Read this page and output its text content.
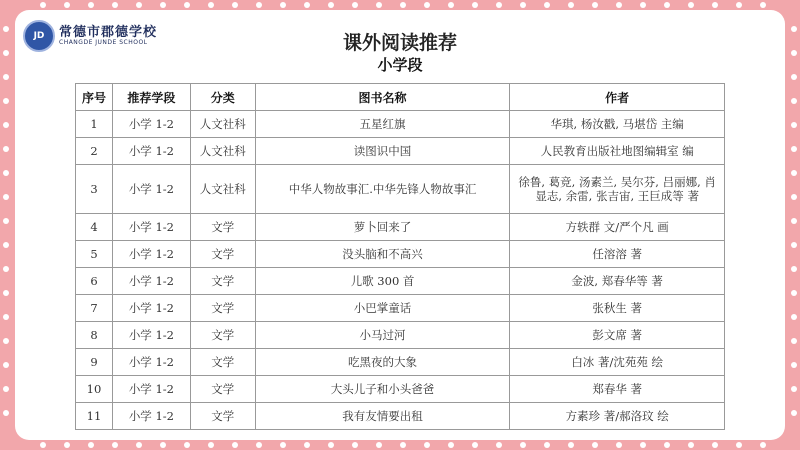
JD	常德市郡德学校
CHANGDE JUNDE SCHOOL	课外阅读推荐
小学段
序号	推荐学段	分类	图书名称	作者
1	小学 1-2	人文社科	五星红旗	华琪, 杨汝戳, 马堪岱 主编
2	小学 1-2	人文社科	读图识中国	人民教育出版社地图编辑室 编
3	小学 1-2	人文社科	中华人物故事汇.中华先锋人物故事汇	徐鲁, 葛竞, 汤素兰, 吴尔芬, 吕丽娜, 肖显志, 余雷, 张吉宙, 王巨成等 著
4	小学 1-2	文学	萝卜回来了	方轶群 文/严个凡 画
5	小学 1-2	文学	没头脑和不高兴	任溶溶 著
6	小学 1-2	文学	儿歌 300 首	金波, 郑春华等 著
7	小学 1-2	文学	小巴掌童话	张秋生 著
8	小学 1-2	文学	小马过河	彭文席 著
9	小学 1-2	文学	吃黑夜的大象	白冰 著/沈苑苑 绘
10	小学 1-2	文学	大头儿子和小头爸爸	郑春华 著
11	小学 1-2	文学	我有友情要出租	方素珍 著/郝洛玟 绘
